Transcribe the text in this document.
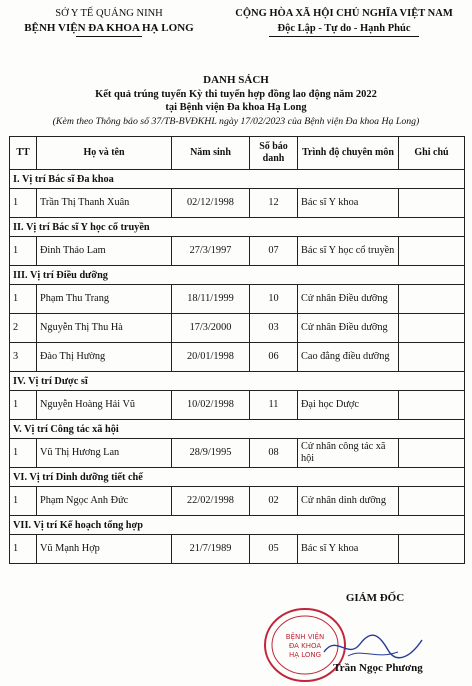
SỞ Y TẾ QUẢNG NINH
BỆNH VIỆN ĐA KHOA HẠ LONG
CỘNG HÒA XÃ HỘI CHỦ NGHĨA VIỆT NAM
Độc Lập - Tự do - Hạnh Phúc
DANH SÁCH
Kết quả trúng tuyển Kỳ thi tuyển hợp đồng lao động năm 2022
tại Bệnh viện Đa khoa Hạ Long
(Kèm theo Thông báo số 37/TB-BVĐKHL ngày 17/02/2023 của Bệnh viện Đa khoa Hạ Long)
TT	Họ và tên	Năm sinh	Số báo danh	Trình độ chuyên môn	Ghi chú
I. Vị trí Bác sĩ Đa khoa					
1	Trần Thị Thanh Xuân	02/12/1998	12	Bác sĩ Y khoa	
II. Vị trí Bác sĩ Y học cổ truyền					
1	Đinh Thảo Lam	27/3/1997	07	Bác sĩ Y học cổ truyền	
III. Vị trí Điều dưỡng					
1	Phạm Thu Trang	18/11/1999	10	Cử nhân Điều dưỡng	
2	Nguyễn Thị Thu Hà	17/3/2000	03	Cử nhân Điều dưỡng	
3	Đào Thị Hường	20/01/1998	06	Cao đẳng điều dưỡng	
IV. Vị trí Dược sĩ					
1	Nguyễn Hoàng Hải Vũ	10/02/1998	11	Đại học Dược	
V. Vị trí Công tác xã hội					
1	Vũ Thị Hương Lan	28/9/1995	08	Cử nhân công tác xã hội	
VI. Vị trí Dinh dưỡng tiết chế					
1	Phạm Ngọc Anh Đức	22/02/1998	02	Cử nhân dinh dưỡng	
VII. Vị trí Kế hoạch tổng hợp					
1	Vũ Mạnh Hợp	21/7/1989	05	Bác sĩ Y khoa	
BỆNH VIỆN
ĐA KHOA
HẠ LONG
GIÁM ĐỐC
Trần Ngọc Phương
